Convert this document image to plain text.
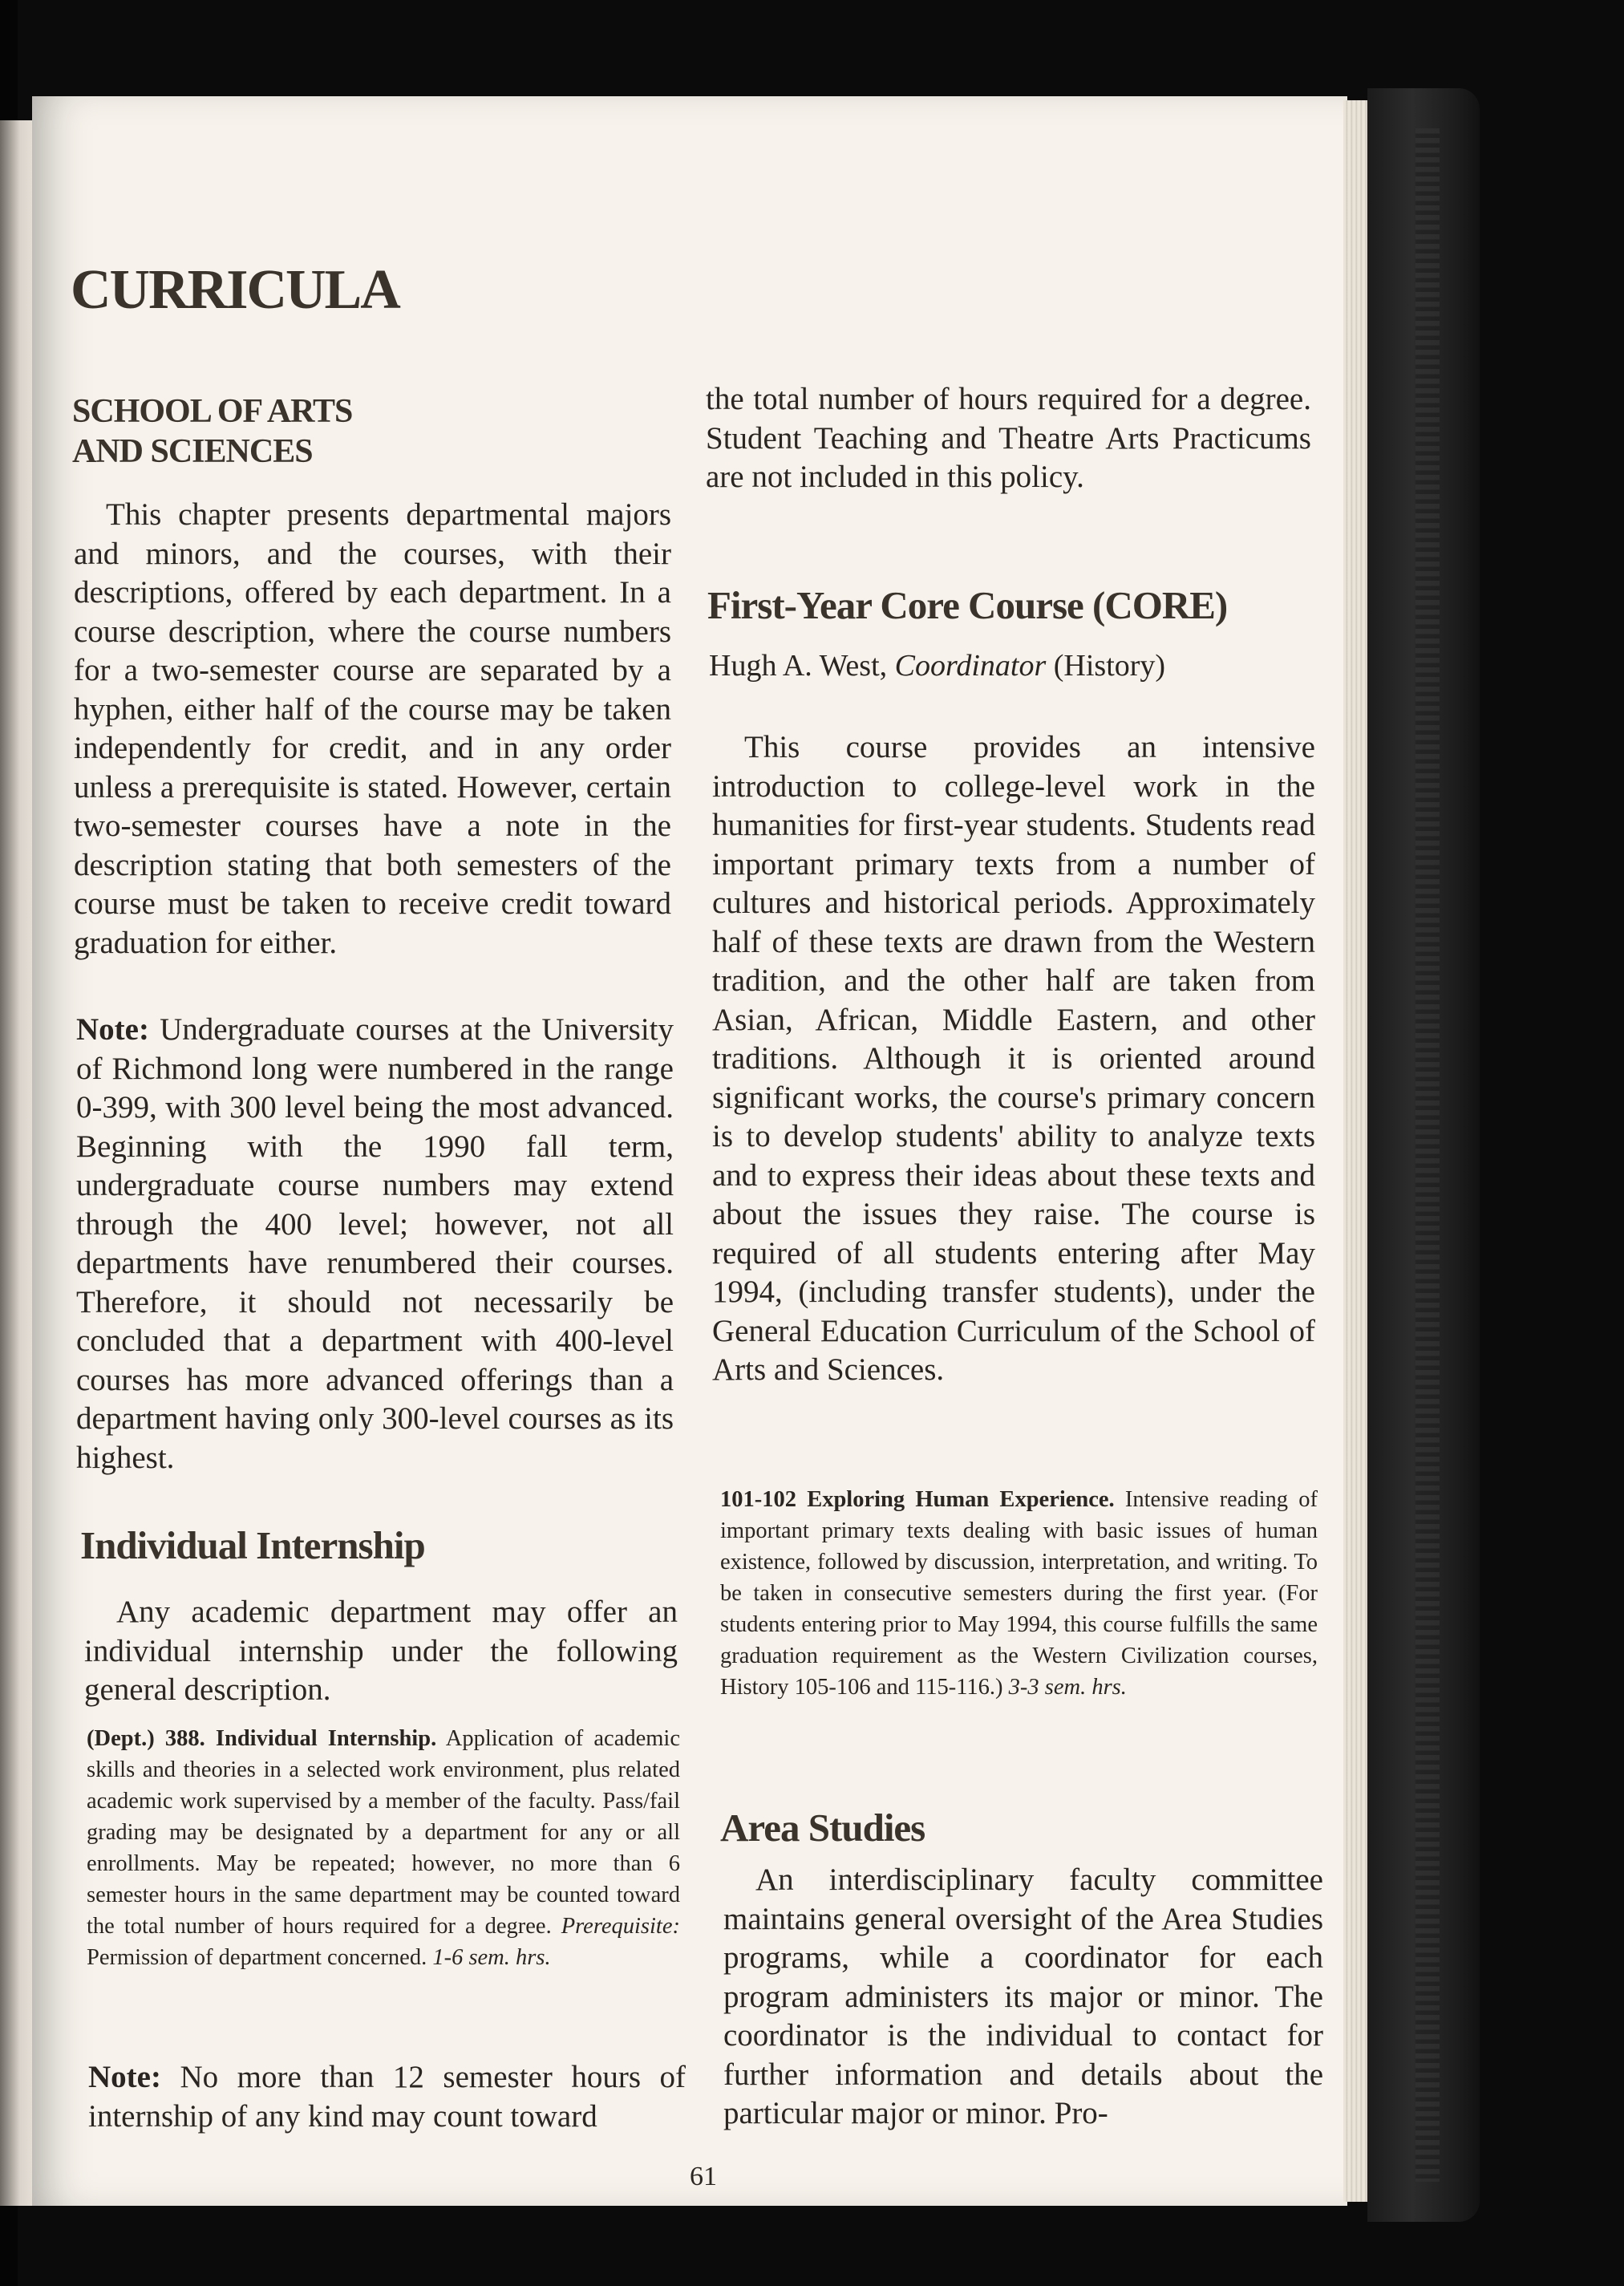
CURRICULA
SCHOOL OF ARTS AND SCIENCES
This chapter presents departmental majors and minors, and the courses, with their descriptions, offered by each department. In a course description, where the course numbers for a two-semester course are separated by a hyphen, either half of the course may be taken independently for credit, and in any order unless a prerequisite is stated. However, certain two-semester courses have a note in the description stating that both semesters of the course must be taken to receive credit toward graduation for either.
Note: Undergraduate courses at the University of Richmond long were numbered in the range 0-399, with 300 level being the most advanced. Beginning with the 1990 fall term, undergraduate course numbers may extend through the 400 level; however, not all departments have renumbered their courses. Therefore, it should not necessarily be concluded that a department with 400-level courses has more advanced offerings than a department having only 300-level courses as its highest.
Individual Internship
Any academic department may offer an individual internship under the following general description.
(Dept.) 388. Individual Internship. Application of academic skills and theories in a selected work environment, plus related academic work supervised by a member of the faculty. Pass/fail grading may be designated by a department for any or all enrollments. May be repeated; however, no more than 6 semester hours in the same department may be counted toward the total number of hours required for a degree. Prerequisite: Permission of department concerned. 1-6 sem. hrs.
Note: No more than 12 semester hours of internship of any kind may count toward
the total number of hours required for a degree. Student Teaching and Theatre Arts Practicums are not included in this policy.
First-Year Core Course (CORE)
Hugh A. West, Coordinator (History)
This course provides an intensive introduction to college-level work in the humanities for first-year students. Students read important primary texts from a number of cultures and historical periods. Approximately half of these texts are drawn from the Western tradition, and the other half are taken from Asian, African, Middle Eastern, and other traditions. Although it is oriented around significant works, the course's primary concern is to develop students' ability to analyze texts and to express their ideas about these texts and about the issues they raise. The course is required of all students entering after May 1994, (including transfer students), under the General Education Curriculum of the School of Arts and Sciences.
101-102 Exploring Human Experience. Intensive reading of important primary texts dealing with basic issues of human existence, followed by discussion, interpretation, and writing. To be taken in consecutive semesters during the first year. (For students entering prior to May 1994, this course fulfills the same graduation requirement as the Western Civilization courses, History 105-106 and 115-116.) 3-3 sem. hrs.
Area Studies
An interdisciplinary faculty committee maintains general oversight of the Area Studies programs, while a coordinator for each program administers its major or minor. The coordinator is the individual to contact for further information and details about the particular major or minor. Pro-
61
